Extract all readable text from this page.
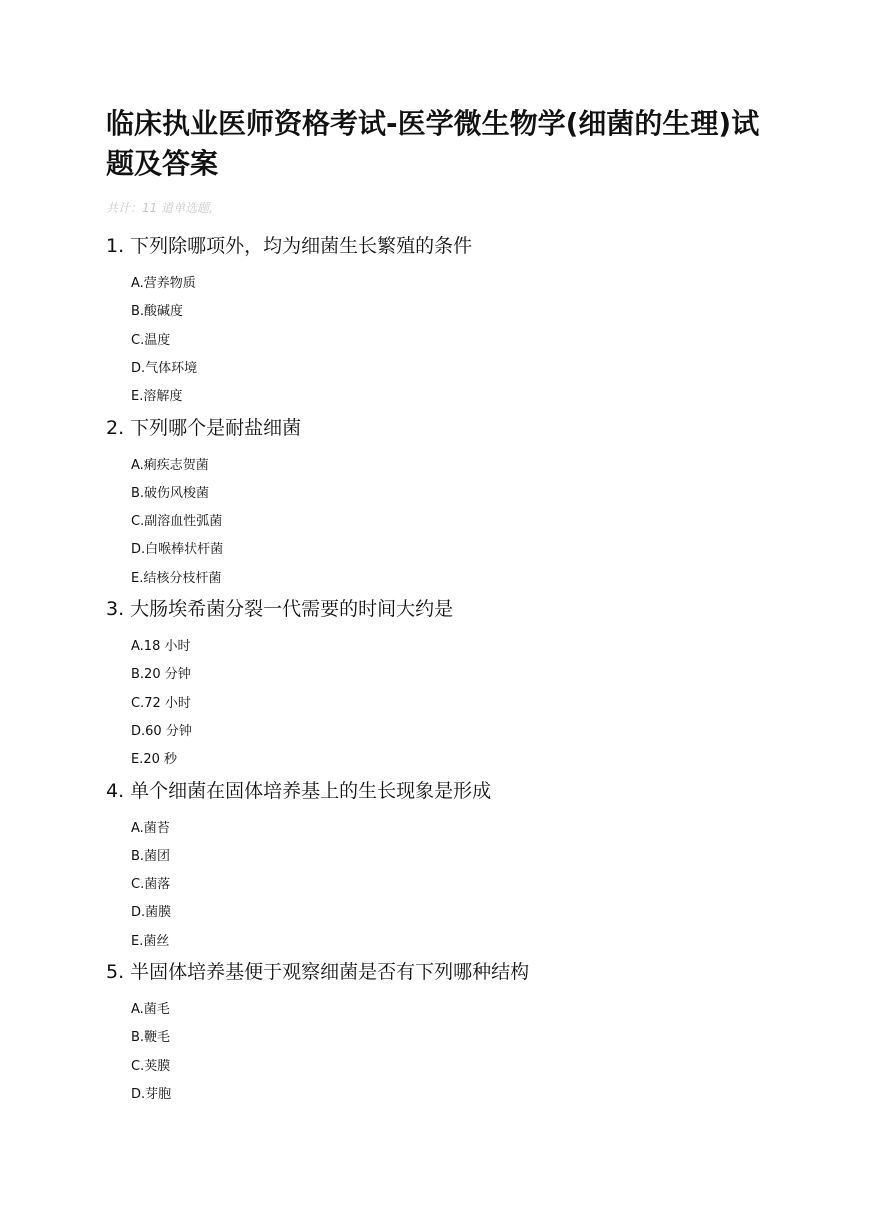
临床执业医师资格考试-医学微生物学(细菌的生理)试题及答案
共计：11 道单选题,
1. 下列除哪项外，均为细菌生长繁殖的条件
A.营养物质
B.酸碱度
C.温度
D.气体环境
E.溶解度
2. 下列哪个是耐盐细菌
A.痢疾志贺菌
B.破伤风梭菌
C.副溶血性弧菌
D.白喉棒状杆菌
E.结核分枝杆菌
3. 大肠埃希菌分裂一代需要的时间大约是
A.18 小时
B.20 分钟
C.72 小时
D.60 分钟
E.20 秒
4. 单个细菌在固体培养基上的生长现象是形成
A.菌苔
B.菌团
C.菌落
D.菌膜
E.菌丝
5. 半固体培养基便于观察细菌是否有下列哪种结构
A.菌毛
B.鞭毛
C.荚膜
D.芽胞
